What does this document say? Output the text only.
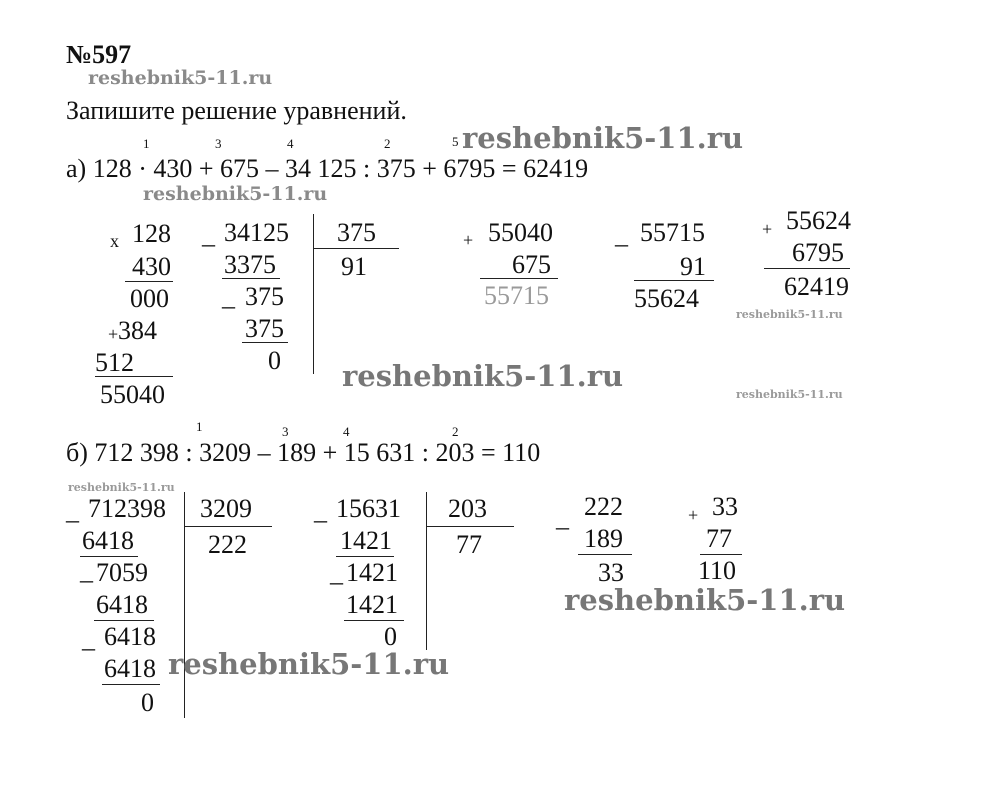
№597
reshebnik5-11.ru
Запишите решение уравнений.
1	3	4	2	5 reshebnik5-11.ru
а) 128 · 430 + 675 – 34 125 : 375 + 6795 = 62419
reshebnik5-11.ru
x 128
430
000
+ 384
512
55040
_ 34125 375
91
3375
_ 375
375
0
+ 55040
675
55715
_ 55715
91
55624
+ 55624
6795
62419
reshebnik5-11.ru
reshebnik5-11.ru
reshebnik5-11.ru
1	3	4	2
б) 712 398 : 3209 – 189 + 15 631 : 203 = 110
reshebnik5-11.ru
_ 712398 3209
222
6418
_ 7059
6418
_ 6418
6418
0
reshebnik5-11.ru
_ 15631 203
77
1421
_ 1421
1421
0
_ 222
189
33
+ 33
77
110
reshebnik5-11.ru
